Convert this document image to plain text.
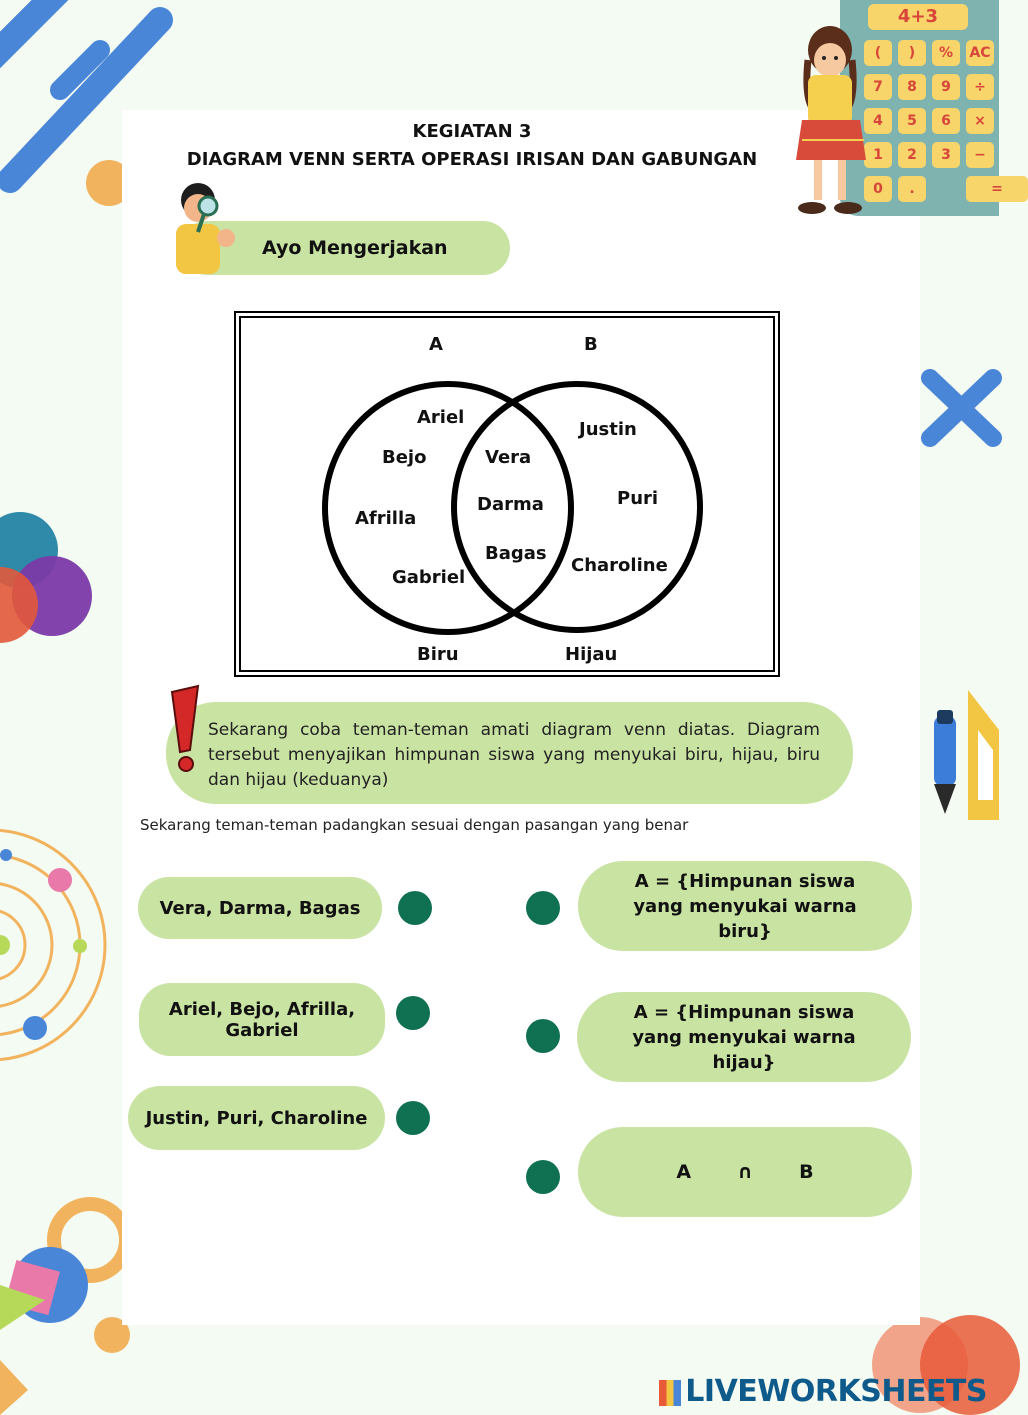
4+3
(	)	%	AC
7	8	9	÷
4	5	6	×
1	2	3	−
0	.	=
KEGIATAN 3
DIAGRAM VENN SERTA OPERASI IRISAN DAN GABUNGAN
Ayo Mengerjakan
A	B
Biru	Hijau
Ariel
Bejo
Afrilla
Gabriel
Vera
Darma
Bagas
Justin
Puri
Charoline
Sekarang coba teman-teman amati diagram venn diatas. Diagram tersebut menyajikan himpunan siswa yang menyukai biru, hijau, biru dan hijau (keduanya)
Sekarang teman-teman padangkan sesuai dengan pasangan yang benar
Vera, Darma, Bagas
Ariel, Bejo, Afrilla, Gabriel
Justin, Puri, Charoline
A = {Himpunan siswa yang menyukai warna biru}
A = {Himpunan siswa yang menyukai warna hijau}
A       ∩       B
LIVEWORKSHEETS
